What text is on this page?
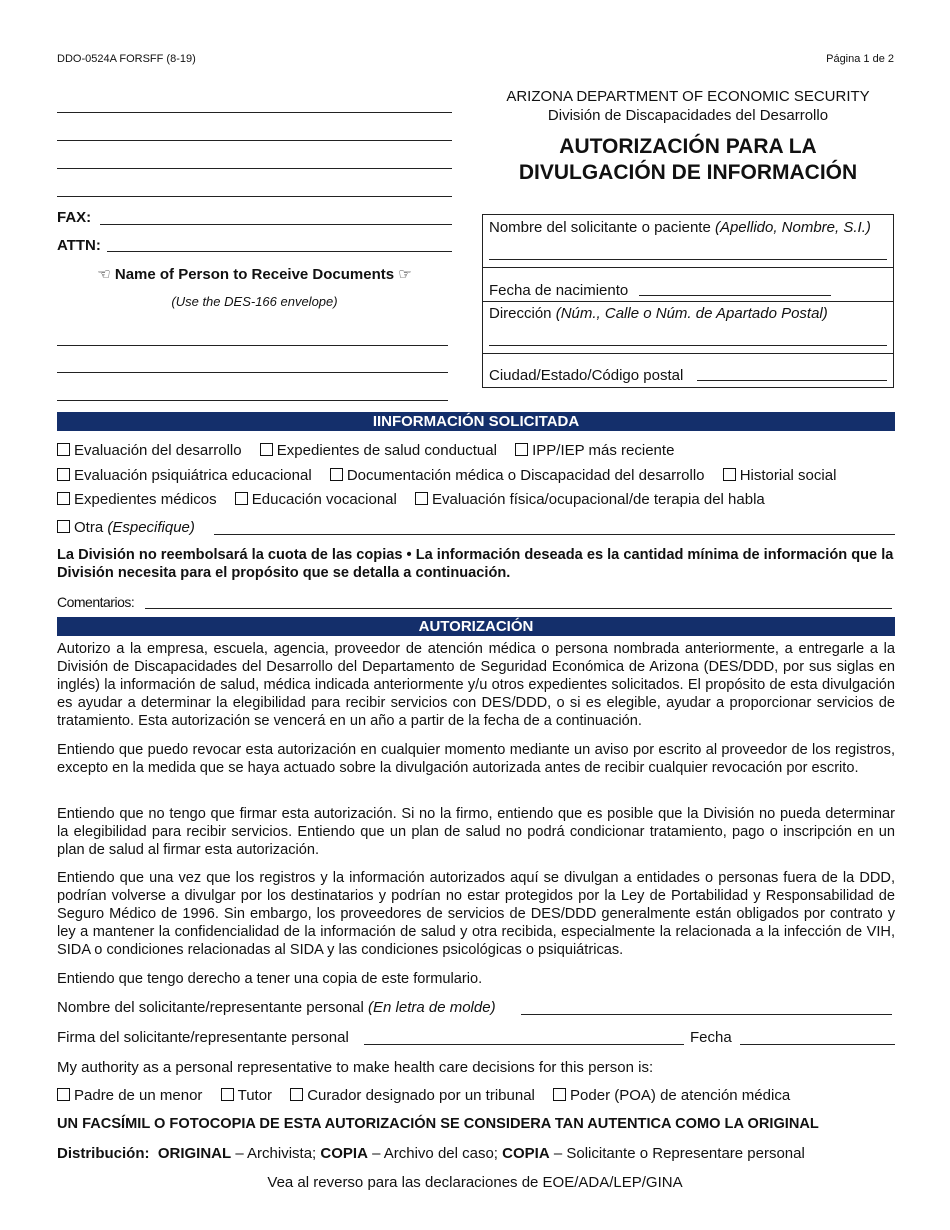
DDO-0524A FORSFF (8-19)	Página 1 de 2
ARIZONA DEPARTMENT OF ECONOMIC SECURITY
División de Discapacidades del Desarrollo
AUTORIZACIÓN PARA LA
DIVULGACIÓN DE INFORMACIÓN
FAX:
ATTN:
☜ Name of Person to Receive Documents ☞
(Use the DES-166 envelope)
Nombre del solicitante o paciente (Apellido, Nombre, S.I.)
Fecha de nacimiento
Dirección (Núm., Calle o Núm. de Apartado Postal)
Ciudad/Estado/Código postal
IINFORMACIÓN SOLICITADA
Evaluación del desarrollo Expedientes de salud conductual IPP/IEP más reciente
Evaluación psiquiátrica educacional Documentación médica o Discapacidad del desarrollo Historial social
Expedientes médicos Educación vocacional Evaluación física/ocupacional/de terapia del habla
Otra (Especifique)
La División no reembolsará la cuota de las copias • La información deseada es la cantidad mínima de información que la División necesita para el propósito que se detalla a continuación.
Comentarios:
AUTORIZACIÓN
Autorizo a la empresa, escuela, agencia, proveedor de atención médica o persona nombrada anteriormente, a entregarle a la División de Discapacidades del Desarrollo del Departamento de Seguridad Económica de Arizona (DES/DDD, por sus siglas en inglés) la información de salud, médica indicada anteriormente y/u otros expedientes solicitados. El propósito de esta divulgación es ayudar a determinar la elegibilidad para recibir servicios con DES/DDD, o si es elegible, ayudar a proporcionar servicios de tratamiento. Esta autorización se vencerá en un año a partir de la fecha de a continuación.
Entiendo que puedo revocar esta autorización en cualquier momento mediante un aviso por escrito al proveedor de los registros, excepto en la medida que se haya actuado sobre la divulgación autorizada antes de recibir cualquier revocación por escrito.
Entiendo que no tengo que firmar esta autorización. Si no la firmo, entiendo que es posible que la División no pueda determinar la elegibilidad para recibir servicios. Entiendo que un plan de salud no podrá condicionar tratamiento, pago o inscripción en un plan de salud al firmar esta autorización.
Entiendo que una vez que los registros y la información autorizados aquí se divulgan a entidades o personas fuera de la DDD, podrían volverse a divulgar por los destinatarios y podrían no estar protegidos por la Ley de Portabilidad y Responsabilidad de Seguro Médico de 1996. Sin embargo, los proveedores de servicios de DES/DDD generalmente están obligados por contrato y ley a mantener la confidencialidad de la información de salud y otra recibida, especialmente la relacionada a la infección de VIH, SIDA o condiciones relacionadas al SIDA y las condiciones psicológicas o psiquiátricas.
Entiendo que tengo derecho a tener una copia de este formulario.
Nombre del solicitante/representante personal (En letra de molde)
Firma del solicitante/representante personal	Fecha
My authority as a personal representative to make health care decisions for this person is:
Padre de un menor Tutor Curador designado por un tribunal Poder (POA) de atención médica
UN FACSÍMIL O FOTOCOPIA DE ESTA AUTORIZACIÓN SE CONSIDERA TAN AUTENTICA COMO LA ORIGINAL
Distribución: ORIGINAL – Archivista; COPIA – Archivo del caso; COPIA – Solicitante o Representare personal
Vea al reverso para las declaraciones de EOE/ADA/LEP/GINA
